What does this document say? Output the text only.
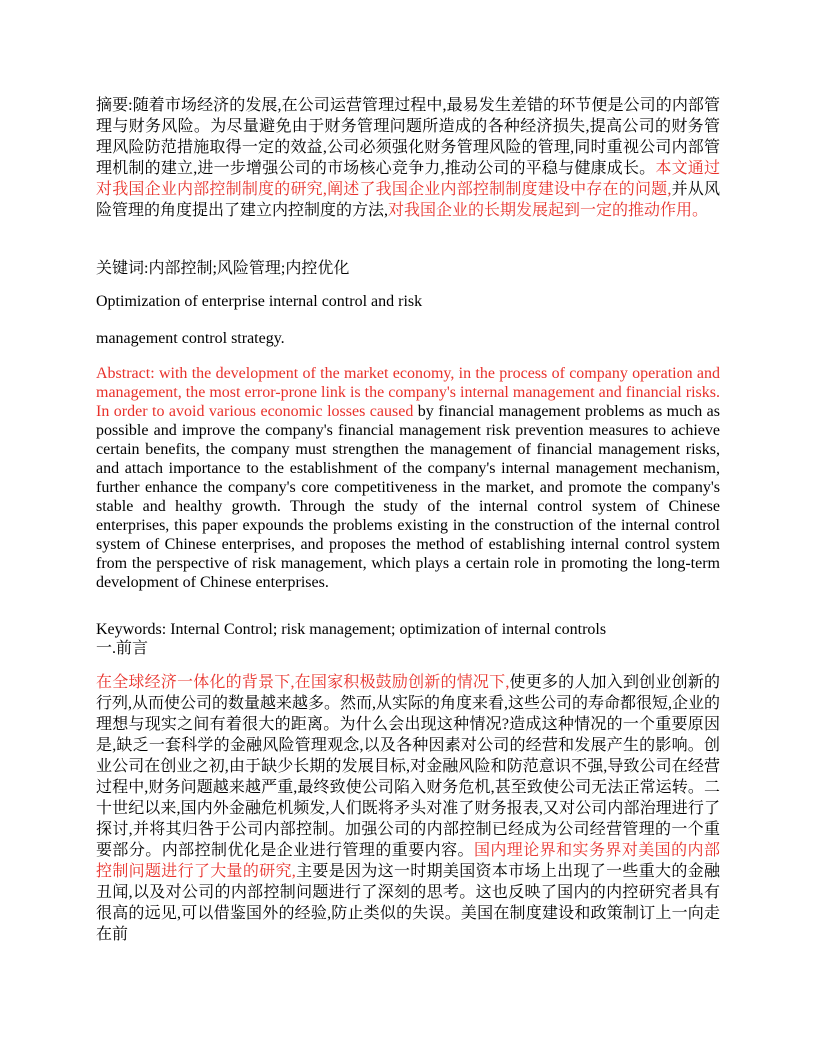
摘要:随着市场经济的发展,在公司运营管理过程中,最易发生差错的环节便是公司的内部管理与财务风险。为尽量避免由于财务管理问题所造成的各种经济损失,提高公司的财务管理风险防范措施取得一定的效益,公司必须强化财务管理风险的管理,同时重视公司内部管理机制的建立,进一步增强公司的市场核心竞争力,推动公司的平稳与健康成长。本文通过对我国企业内部控制制度的研究,阐述了我国企业内部控制制度建设中存在的问题,并从风险管理的角度提出了建立内控制度的方法,对我国企业的长期发展起到一定的推动作用。

关键词:内部控制;风险管理;内控优化

Optimization of enterprise internal control and risk

management control strategy.

Abstract: with the development of the market economy, in the process of company operation and management, the most error-prone link is the company's internal management and financial risks. In order to avoid various economic losses caused by financial management problems as much as possible and improve the company's financial management risk prevention measures to achieve certain benefits, the company must strengthen the management of financial management risks, and attach importance to the establishment of the company's internal management mechanism, further enhance the company's core competitiveness in the market, and promote the company's stable and healthy growth. Through the study of the internal control system of Chinese enterprises, this paper expounds the problems existing in the construction of the internal control system of Chinese enterprises, and proposes the method of establishing internal control system from the perspective of risk management, which plays a certain role in promoting the long-term development of Chinese enterprises.

Keywords: Internal Control; risk management; optimization of internal controls

一.前言

在全球经济一体化的背景下,在国家积极鼓励创新的情况下,使更多的人加入到创业创新的行列,从而使公司的数量越来越多。然而,从实际的角度来看,这些公司的寿命都很短,企业的理想与现实之间有着很大的距离。为什么会出现这种情况?造成这种情况的一个重要原因是,缺乏一套科学的金融风险管理观念,以及各种因素对公司的经营和发展产生的影响。创业公司在创业之初,由于缺少长期的发展目标,对金融风险和防范意识不强,导致公司在经营过程中,财务问题越来越严重,最终致使公司陷入财务危机,甚至致使公司无法正常运转。二十世纪以来,国内外金融危机频发,人们既将矛头对准了财务报表,又对公司内部治理进行了探讨,并将其归咎于公司内部控制。加强公司的内部控制已经成为公司经营管理的一个重要部分。内部控制优化是企业进行管理的重要内容。国内理论界和实务界对美国的内部控制问题进行了大量的研究,主要是因为这一时期美国资本市场上出现了一些重大的金融丑闻,以及对公司的内部控制问题进行了深刻的思考。这也反映了国内的内控研究者具有很高的远见,可以借鉴国外的经验,防止类似的失误。美国在制度建设和政策制订上一向走在前
